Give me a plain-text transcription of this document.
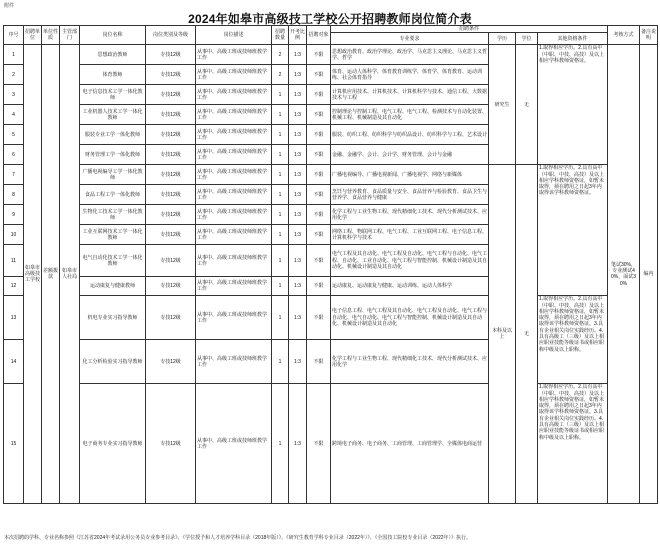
附件
2024年如皋市高级技工学校公开招聘教师岗位简介表
序号	招聘单位	单位性质	主管部门	岗位名称	岗位类别及等级	岗位描述	招聘数量	开考比例	招聘对象	招聘条件				考核方式	备注说明
										专业要求	学历	学位	其他资格条件		
1	如皋市高级技工学校	差额拨款	如皋市人社局	思想政治教师	专技12级	从事中、高级工班或技师班教学工作	2	1:3	不限	思想政治教育、政治学理论、政治学、马克思主义理论、马克思主义哲学、哲学	研究生	无	1.取得相应学历。2.具有高中（中职、中技、高技）及以上相应学科教师资格证。	笔试30%，专业测试40%，面试30%	编内
2				体育教师	专技12级	从事中、高级工班或技师班教学工作	2	1:3	不限	体育、运动人体科学、体育教育训练学、体育学、体育教育、运动训练、社会体育指导					
3				电子信息技术工学一体化教师	专技12级	从事中、高级工班或技师班教学工作	1	1:3	不限	计算机应用技术、计算机技术、计算机科学与技术、通信工程、大数据技术与工程					
4				工业机器人技术工学一体化教师	专技12级	从事中、高级工班或技师班教学工作	1	1:3	不限	控制理论与控制工程、电气工程、电气工程、检测技术与自动化装置、机械工程、机械制造及其自动化					
5				服装专业工学一体化教师	专技12级	从事中、高级工班或技师班教学工作	1	1:3	不限	服装、纺织工程、纺织科学与纺织品设计、纺织科学与工程、艺术设计					
6				财务管理工学一体化教师	专技12级	从事中、高级工班或技师班教学工作	1	1:3	不限	金融、金融学、会计、会计学、财务管理、会计与金融					
7				广播电视编导工学一体化教师	专技12级	从事中、高级工班或技师班教学工作	1	1:3	不限	广播电视编导、广播电视新闻、广播电视学、网络与新媒体	本科及以上	无	1.取得相应学历。2.具有高中（中职、中技、高技）及以上相应学科教师资格证，如暂未取得，须在聘用之日起3年内取得该学科教师资格证。		
8				食品工程工学一体化教师	专技12级	从事中、高级工班或技师班教学工作	1	1:3	不限	烹饪与营养教育、食品质量与安全、食品营养与检验教育、食品卫生与营养学、食品营养与健康					
9				生物化工技术工学一体化教师	专技12级	从事中、高级工班或技师班教学工作	1	1:3	不限	化学工程与工业生物工程、现代精细化工技术、现代分析测试技术、应用化学					
10				工业互联网技术工学一体化教师	专技12级	从事中、高级工班或技师班教学工作	1	1:3	不限	网络工程、物联网工程、电气工程、工业互联网工程、电子信息工程、计算机科学与技术					
11				电气自动化技术工学一体化教师	专技12级	从事中、高级工班或技师班教学工作	1	1:3	不限	电气工程及其自动化、电气工程及自动化、电气工程与自动化、电气工程、自动化、工业自动化、电气工程与智能控制、机械设计制造及其自动化、机械设计制造及其自动化					
12				运动康复与健康教师	专技12级	从事中、高级工班或技师班教学工作	1	1:3	不限	运动康复、运动康复与健康、运动训练、运动人体科学					
13				机电专业实习指导教师	专技12级	从事中、高级工班或技师班教学工作	1	1:3	不限	电子信息工程、电气工程及其自动化、电气工程及自动化、电气工程与自动化、电气自动化、电气工程与智能控制、机械设计制造及其自动化、机械设计制造及其自动化			1.取得相应学历。2.具有高中（中职、中技、高技）及以上相应学科教师资格证，如暂未取得，须在聘用之日起3年内取得该学科教师资格证。3.具有企业相关岗位实践经历。4.具有高级工（三级）及以上相应职业技能等级证书或相应职称中级及以上职称。		
14				化工分析检验实习指导教师	专技12级	从事中、高级工班或技师班教学工作	1	1:3	不限	化学工程与工业生物工程、现代精细化工技术、现代分析测试技术、应用化学					
15				电子商务专业实习指导教师	专技12级	从事中、高级工班或技师班教学工作	1	1:3	不限	跨境电子商务、电子商务、工商管理、工商管理学、全媒体电商运营			1.取得相应学历。2.具有高中（中职、中技、高技）及以上相应学科教师资格证，如暂未取得，须在聘用之日起3年内取得该学科教师资格证。3.具有企业相关岗位实践经历。4.具有高级工（三级）及以上相应职业技能等级证书或相应职称中级及以上职称。		
本次招聘的学科、专业名称参照《江苏省2024年考试录用公务员专业参考目录》、《学位授予和人才培养学科目录（2018年版）》、《研究生教育学科专业目录（2022年）》、《全国技工院校专业目录（2022年）》执行。
